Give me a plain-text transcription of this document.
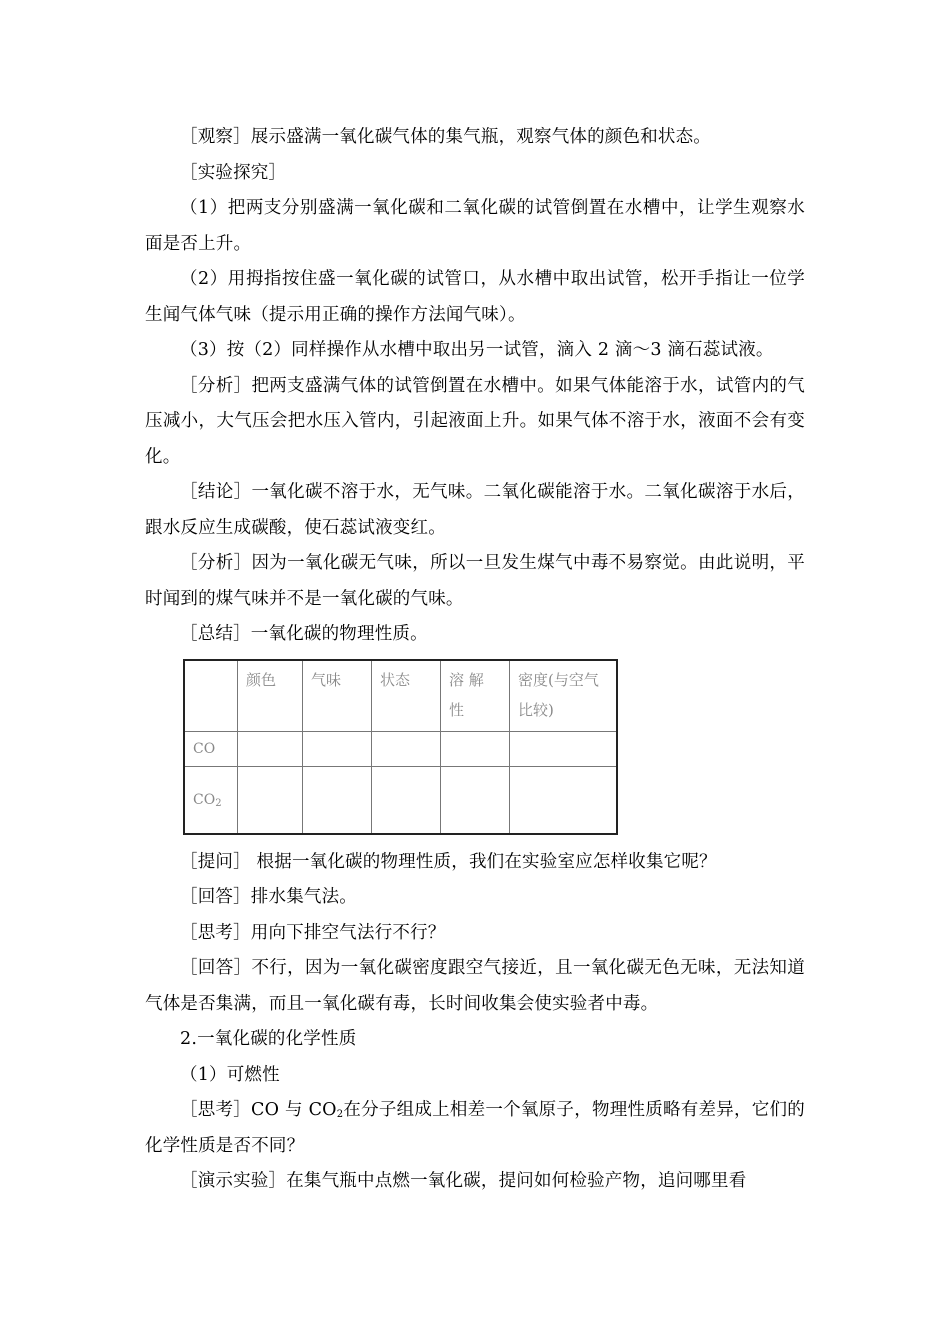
［观察］展示盛满一氧化碳气体的集气瓶，观察气体的颜色和状态。

［实验探究］

（1）把两支分别盛满一氧化碳和二氧化碳的试管倒置在水槽中，让学生观察水面是否上升。

（2）用拇指按住盛一氧化碳的试管口，从水槽中取出试管，松开手指让一位学生闻气体气味（提示用正确的操作方法闻气味）。

（3）按（2）同样操作从水槽中取出另一试管，滴入 2 滴～3 滴石蕊试液。

［分析］把两支盛满气体的试管倒置在水槽中。如果气体能溶于水，试管内的气压减小，大气压会把水压入管内，引起液面上升。如果气体不溶于水，液面不会有变化。

［结论］一氧化碳不溶于水，无气味。二氧化碳能溶于水。二氧化碳溶于水后，跟水反应生成碳酸，使石蕊试液变红。

［分析］因为一氧化碳无气味，所以一旦发生煤气中毒不易察觉。由此说明，平时闻到的煤气味并不是一氧化碳的气味。

［总结］一氧化碳的物理性质。

	颜色	气味	状态	溶 解 性	密度(与空气比较)
CO					
$CO_2$					

［提问］ 根据一氧化碳的物理性质，我们在实验室应怎样收集它呢？

［回答］排水集气法。

［思考］用向下排空气法行不行？

［回答］不行，因为一氧化碳密度跟空气接近，且一氧化碳无色无味，无法知道气体是否集满，而且一氧化碳有毒，长时间收集会使实验者中毒。

2.一氧化碳的化学性质

（1）可燃性

［思考］CO 与 $CO_2$在分子组成上相差一个氧原子，物理性质略有差异，它们的化学性质是否不同？

［演示实验］在集气瓶中点燃一氧化碳，提问如何检验产物，追问哪里看
